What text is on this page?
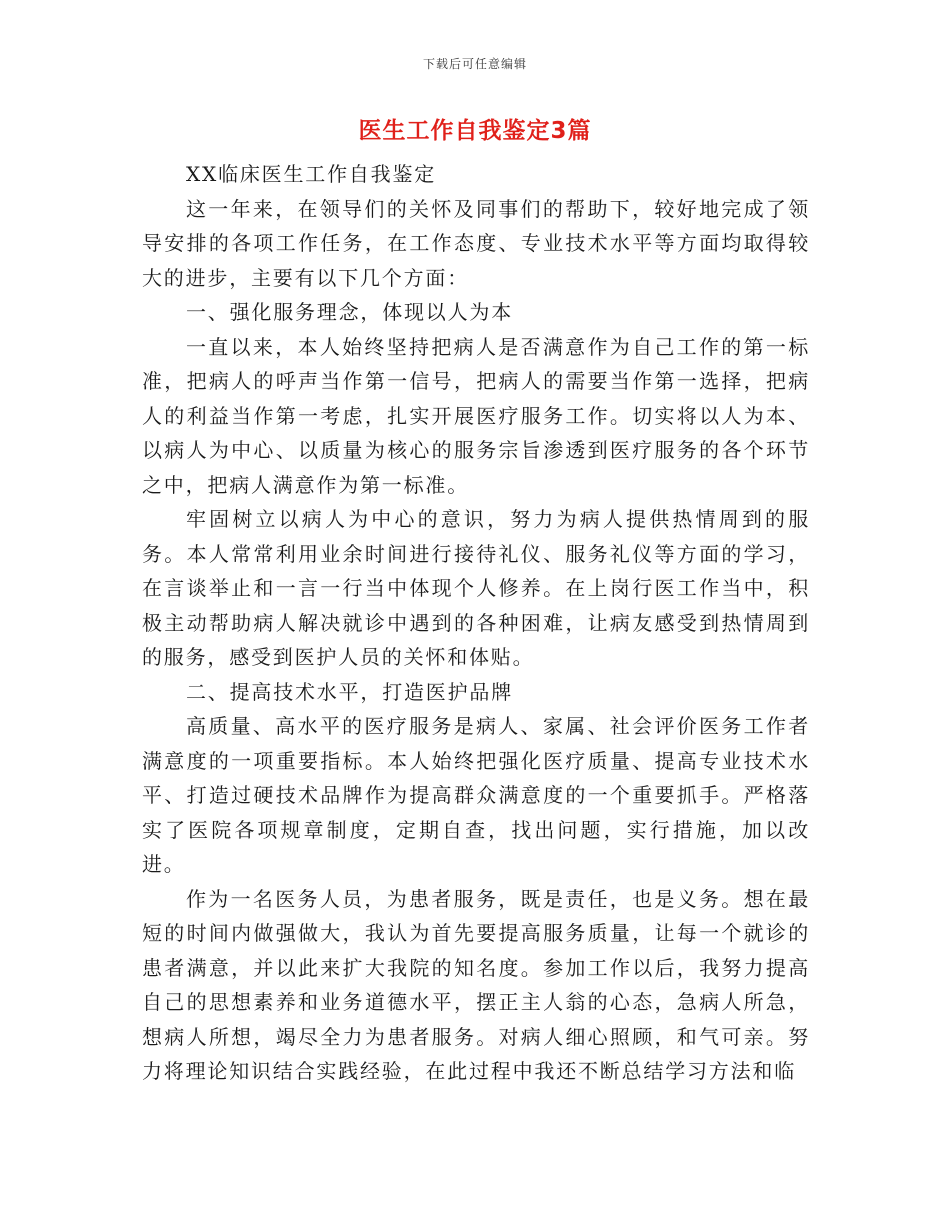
下载后可任意编辑
医生工作自我鉴定3篇

XX临床医生工作自我鉴定

这一年来，在领导们的关怀及同事们的帮助下，较好地完成了领导安排的各项工作任务，在工作态度、专业技术水平等方面均取得较大的进步，主要有以下几个方面：

一、强化服务理念，体现以人为本

一直以来，本人始终坚持把病人是否满意作为自己工作的第一标准，把病人的呼声当作第一信号，把病人的需要当作第一选择，把病人的利益当作第一考虑，扎实开展医疗服务工作。切实将以人为本、以病人为中心、以质量为核心的服务宗旨渗透到医疗服务的各个环节之中，把病人满意作为第一标准。

牢固树立以病人为中心的意识，努力为病人提供热情周到的服务。本人常常利用业余时间进行接待礼仪、服务礼仪等方面的学习，在言谈举止和一言一行当中体现个人修养。在上岗行医工作当中，积极主动帮助病人解决就诊中遇到的各种困难，让病友感受到热情周到的服务，感受到医护人员的关怀和体贴。

二、提高技术水平，打造医护品牌

高质量、高水平的医疗服务是病人、家属、社会评价医务工作者满意度的一项重要指标。本人始终把强化医疗质量、提高专业技术水平、打造过硬技术品牌作为提高群众满意度的一个重要抓手。严格落实了医院各项规章制度，定期自查，找出问题，实行措施，加以改进。

作为一名医务人员，为患者服务，既是责任，也是义务。想在最短的时间内做强做大，我认为首先要提高服务质量，让每一个就诊的患者满意，并以此来扩大我院的知名度。参加工作以后，我努力提高自己的思想素养和业务道德水平，摆正主人翁的心态，急病人所急，想病人所想，竭尽全力为患者服务。对病人细心照顾，和气可亲。努力将理论知识结合实践经验，在此过程中我还不断总结学习方法和临
